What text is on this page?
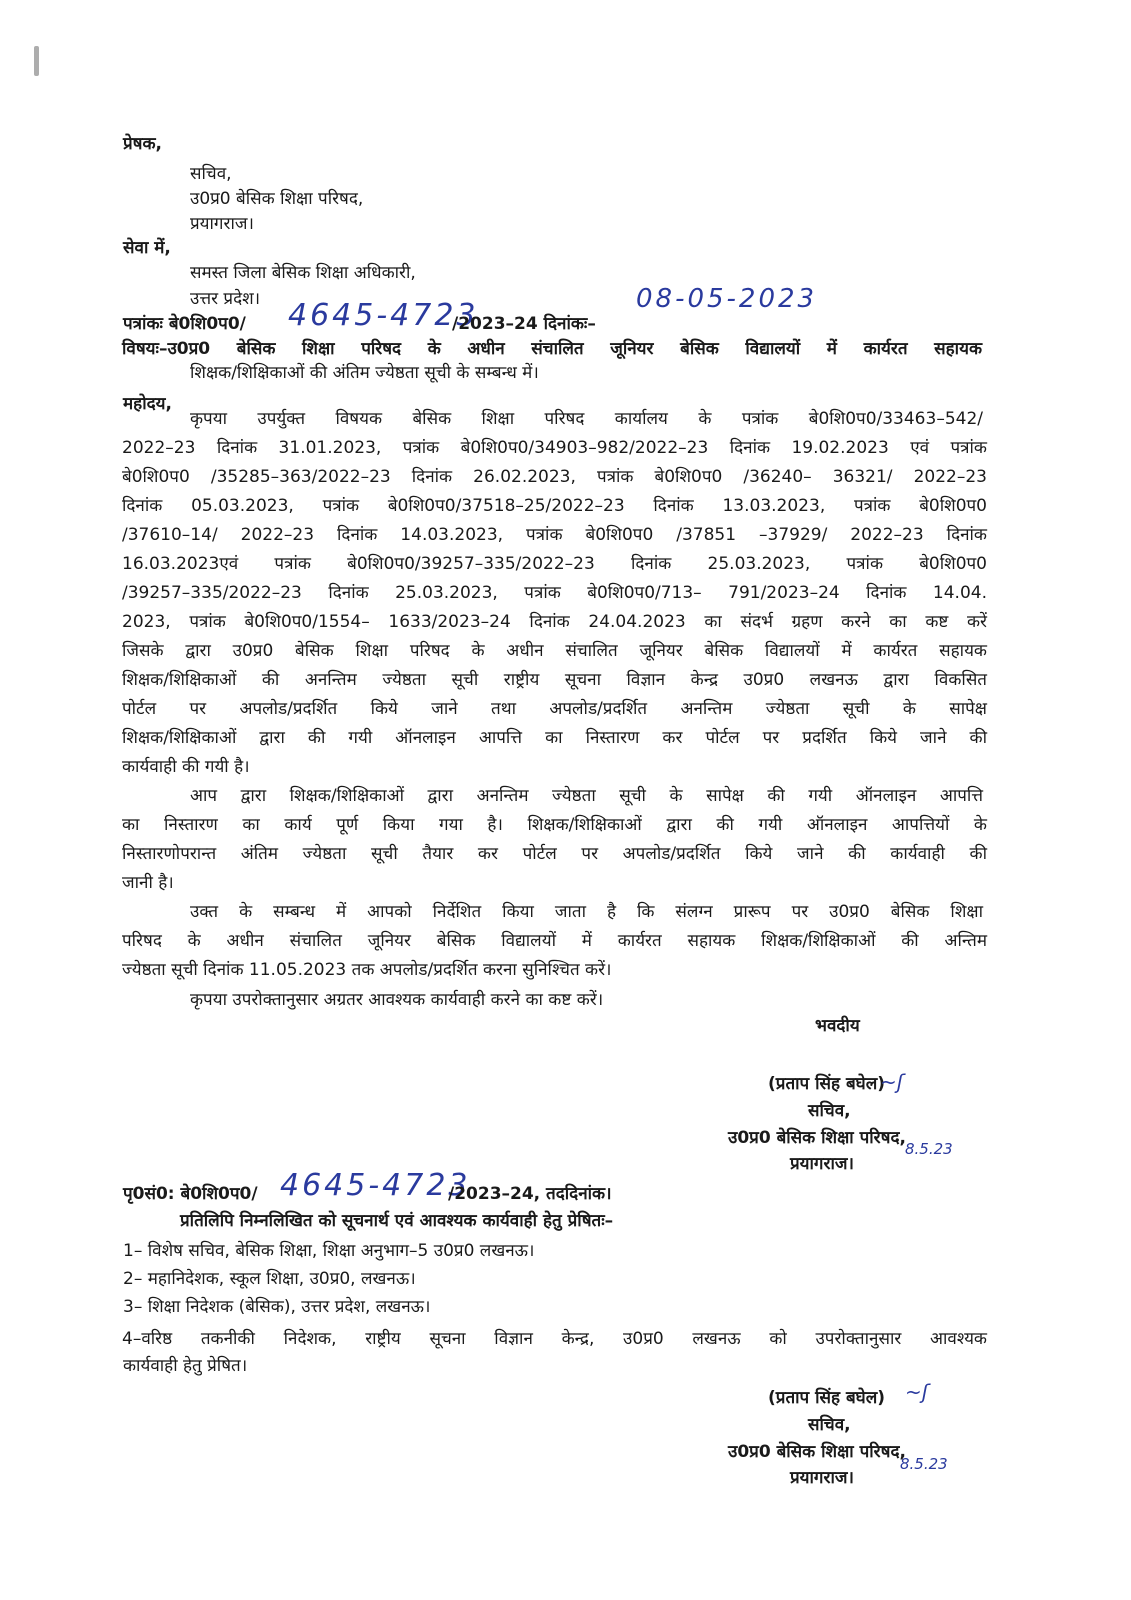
प्रेषक,
सचिव,
उ0प्र0 बेसिक शिक्षा परिषद,
प्रयागराज।
सेवा में,
समस्त जिला बेसिक शिक्षा अधिकारी,
उत्तर प्रदेश।
पत्रांकः बे0शि0प0/ 4645-4723
/2023–24 दिनांकः–
08-05-2023
विषयः–उ0प्र0 बेसिक शिक्षा परिषद के अधीन संचालित जूनियर बेसिक विद्यालयों में कार्यरत सहायक
शिक्षक/शिक्षिकाओं की अंतिम ज्येष्ठता सूची के सम्बन्ध में।
महोदय,
कृपया उपर्युक्त विषयक बेसिक शिक्षा परिषद कार्यालय के पत्रांक बे0शि0प0/33463–542/
2022–23 दिनांक 31.01.2023, पत्रांक बे0शि0प0/34903–982/2022–23 दिनांक 19.02.2023 एवं पत्रांक
बे0शि0प0 /35285–363/2022–23 दिनांक 26.02.2023, पत्रांक बे0शि0प0 /36240– 36321/ 2022–23
दिनांक 05.03.2023, पत्रांक बे0शि0प0/37518–25/2022–23 दिनांक 13.03.2023, पत्रांक बे0शि0प0
/37610–14/ 2022–23 दिनांक 14.03.2023, पत्रांक बे0शि0प0 /37851 –37929/ 2022–23 दिनांक
16.03.2023एवं पत्रांक बे0शि0प0/39257–335/2022–23 दिनांक 25.03.2023, पत्रांक बे0शि0प0
/39257–335/2022–23 दिनांक 25.03.2023, पत्रांक बे0शि0प0/713– 791/2023–24 दिनांक 14.04.
2023, पत्रांक बे0शि0प0/1554– 1633/2023–24 दिनांक 24.04.2023 का संदर्भ ग्रहण करने का कष्ट करें
जिसके द्वारा उ0प्र0 बेसिक शिक्षा परिषद के अधीन संचालित जूनियर बेसिक विद्यालयों में कार्यरत सहायक
शिक्षक/शिक्षिकाओं की अनन्तिम ज्येष्ठता सूची राष्ट्रीय सूचना विज्ञान केन्द्र उ0प्र0 लखनऊ द्वारा विकसित
पोर्टल पर अपलोड/प्रदर्शित किये जाने तथा अपलोड/प्रदर्शित अनन्तिम ज्येष्ठता सूची के सापेक्ष
शिक्षक/शिक्षिकाओं द्वारा की गयी ऑनलाइन आपत्ति का निस्तारण कर पोर्टल पर प्रदर्शित किये जाने की
कार्यवाही की गयी है।
आप द्वारा शिक्षक/शिक्षिकाओं द्वारा अनन्तिम ज्येष्ठता सूची के सापेक्ष की गयी ऑनलाइन आपत्ति
का निस्तारण का कार्य पूर्ण किया गया है। शिक्षक/शिक्षिकाओं द्वारा की गयी ऑनलाइन आपत्तियों के
निस्तारणोपरान्त अंतिम ज्येष्ठता सूची तैयार कर पोर्टल पर अपलोड/प्रदर्शित किये जाने की कार्यवाही की
जानी है।
उक्त के सम्बन्ध में आपको निर्देशित किया जाता है कि संलग्न प्रारूप पर उ0प्र0 बेसिक शिक्षा
परिषद के अधीन संचालित जूनियर बेसिक विद्यालयों में कार्यरत सहायक शिक्षक/शिक्षिकाओं की अन्तिम
ज्येष्ठता सूची दिनांक 11.05.2023 तक अपलोड/प्रदर्शित करना सुनिश्चित करें।
कृपया उपरोक्तानुसार अग्रतर आवश्यक कार्यवाही करने का कष्ट करें।
भवदीय
(प्रताप सिंह बघेल)
~ʃ
सचिव,
उ0प्र0 बेसिक शिक्षा परिषद,
प्रयागराज।
8.5.23
पृ0सं0: बे0शि0प0/ 4645-4723
/2023–24, तददिनांक।
प्रतिलिपि निम्नलिखित को सूचनार्थ एवं आवश्यक कार्यवाही हेतु प्रेषितः–
1– विशेष सचिव, बेसिक शिक्षा, शिक्षा अनुभाग–5 उ0प्र0 लखनऊ।
2– महानिदेशक, स्कूल शिक्षा, उ0प्र0, लखनऊ।
3– शिक्षा निदेशक (बेसिक), उत्तर प्रदेश, लखनऊ।
4–वरिष्ठ तकनीकी निदेशक, राष्ट्रीय सूचना विज्ञान केन्द्र, उ0प्र0 लखनऊ को उपरोक्तानुसार आवश्यक
कार्यवाही हेतु प्रेषित।
(प्रताप सिंह बघेल) ~ʃ
सचिव,
उ0प्र0 बेसिक शिक्षा परिषद,
प्रयागराज।
8.5.23
